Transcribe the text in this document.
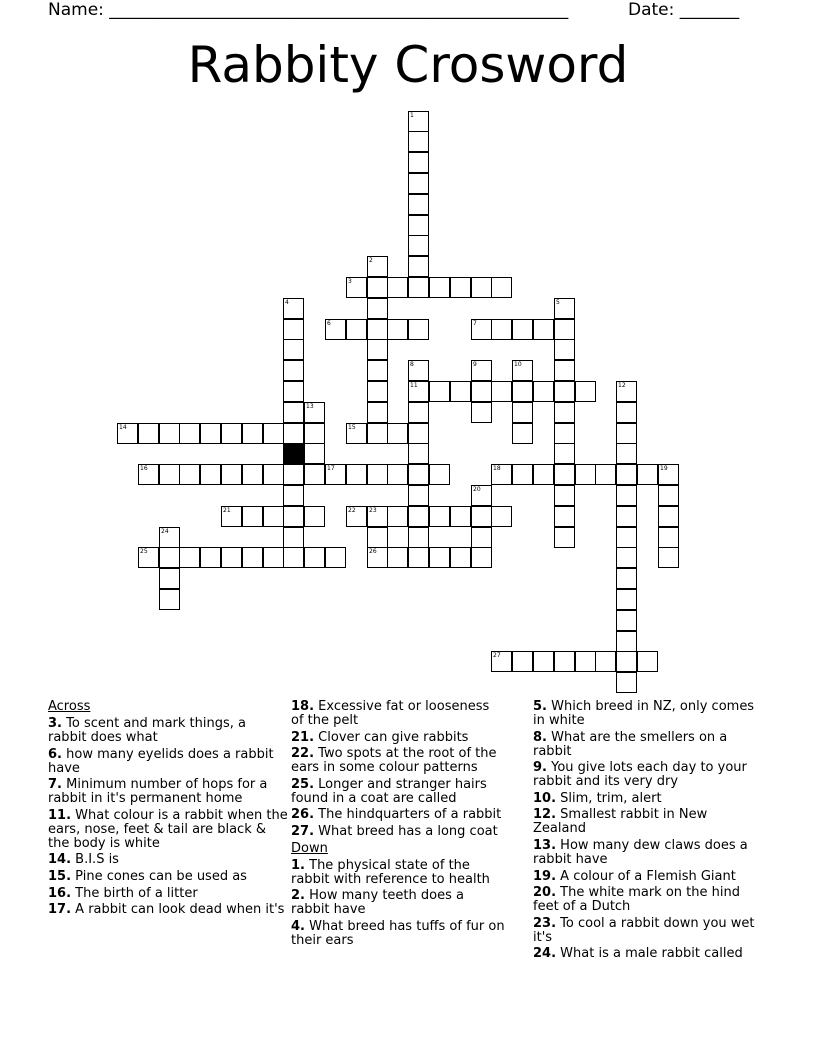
Name: ______________________________________________________	Date: _______
Rabbity Crosword
1
2
3
4	5
6	7
8
11
9	10
12
13
14	15
16	17	18	19
20
21	22 23
26
24
25
27

Across

3. To scent and mark things, a rabbit does what

6. how many eyelids does a rabbit have

7. Minimum number of hops for a rabbit in it's permanent home

11. What colour is a rabbit when the ears, nose, feet & tail are black & the body is white

14. B.I.S is

15. Pine cones can be used as

16. The birth of a litter

17. A rabbit can look dead when it's

18. Excessive fat or looseness of the pelt

21. Clover can give rabbits

22. Two spots at the root of the ears in some colour patterns

25. Longer and stranger hairs found in a coat are called

26. The hindquarters of a rabbit

27. What breed has a long coat

Down

1. The physical state of the rabbit with reference to health

2. How many teeth does a rabbit have

4. What breed has tuffs of fur on their ears

5. Which breed in NZ, only comes in white

8. What are the smellers on a rabbit

9. You give lots each day to your rabbit and its very dry

10. Slim, trim, alert

12. Smallest rabbit in New Zealand

13. How many dew claws does a rabbit have

19. A colour of a Flemish Giant

20. The white mark on the hind feet of a Dutch

23. To cool a rabbit down you wet it's

24. What is a male rabbit called
